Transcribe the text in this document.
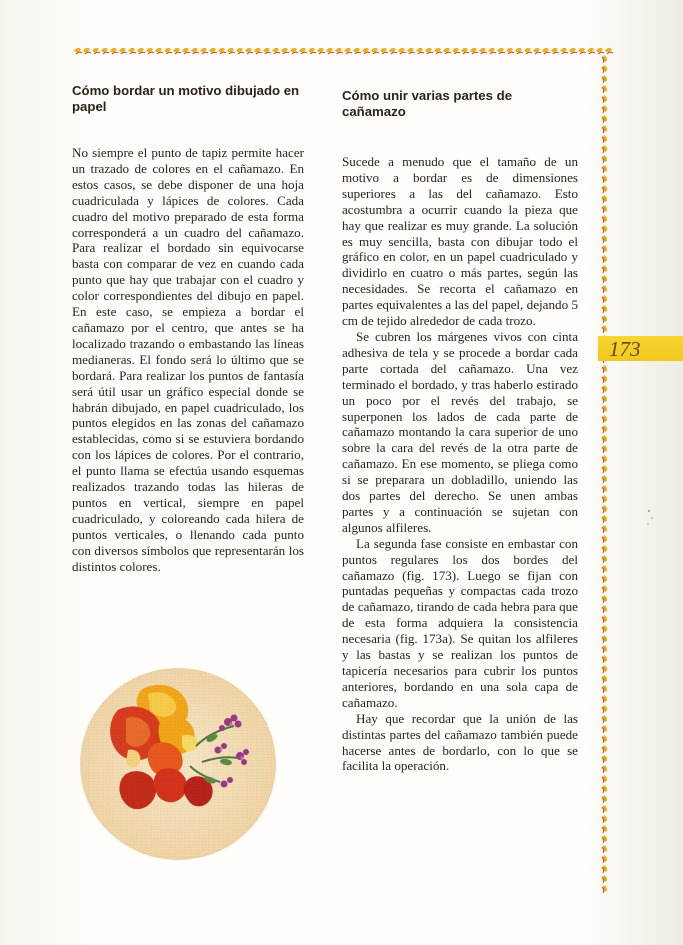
173
Cómo bordar un motivo dibujado en papel

No siempre el punto de tapiz permite hacer un trazado de colores en el cañamazo. En estos casos, se debe disponer de una hoja cuadriculada y lápices de colores. Cada cuadro del motivo preparado de esta forma corresponderá a un cuadro del cañamazo. Para realizar el bordado sin equivocarse basta con comparar de vez en cuando cada punto que hay que trabajar con el cuadro y color correspondientes del dibujo en papel. En este caso, se empieza a bordar el cañamazo por el centro, que antes se ha localizado trazando o embastando las líneas medianeras. El fondo será lo último que se bordará. Para realizar los puntos de fantasía será útil usar un gráfico especial donde se habrán dibujado, en papel cuadriculado, los puntos elegidos en las zonas del cañamazo establecidas, como si se estuviera bordando con los lápices de colores. Por el contrario, el punto llama se efectúa usando esquemas realizados trazando todas las hileras de puntos en vertical, siempre en papel cuadriculado, y coloreando cada hilera de puntos verticales, o llenando cada punto con diversos símbolos que representarán los distintos colores.

Cómo unir varias partes de cañamazo

Sucede a menudo que el tamaño de un motivo a bordar es de dimensiones superiores a las del cañamazo. Esto acostumbra a ocurrir cuando la pieza que hay que realizar es muy grande. La solución es muy sencilla, basta con dibujar todo el gráfico en color, en un papel cuadriculado y dividirlo en cuatro o más partes, según las necesidades. Se recorta el cañamazo en partes equivalentes a las del papel, dejando 5 cm de tejido alrededor de cada trozo.

Se cubren los márgenes vivos con cinta adhesiva de tela y se procede a bordar cada parte cortada del cañamazo. Una vez terminado el bordado, y tras haberlo estirado un poco por el revés del trabajo, se superponen los lados de cada parte de cañamazo montando la cara superior de uno sobre la cara del revés de la otra parte de cañamazo. En ese momento, se pliega como si se preparara un dobladillo, uniendo las dos partes del derecho. Se unen ambas partes y a continuación se sujetan con algunos alfileres.

La segunda fase consiste en embastar con puntos regulares los dos bordes del cañamazo (fig. 173). Luego se fijan con puntadas pequeñas y compactas cada trozo de cañamazo, tirando de cada hebra para que de esta forma adquiera la consistencia necesaria (fig. 173a). Se quitan los alfileres y las bastas y se realizan los puntos de tapicería necesarios para cubrir los puntos anteriores, bordando en una sola capa de cañamazo.

Hay que recordar que la unión de las distintas partes del cañamazo también puede hacerse antes de bordarlo, con lo que se facilita la operación.
